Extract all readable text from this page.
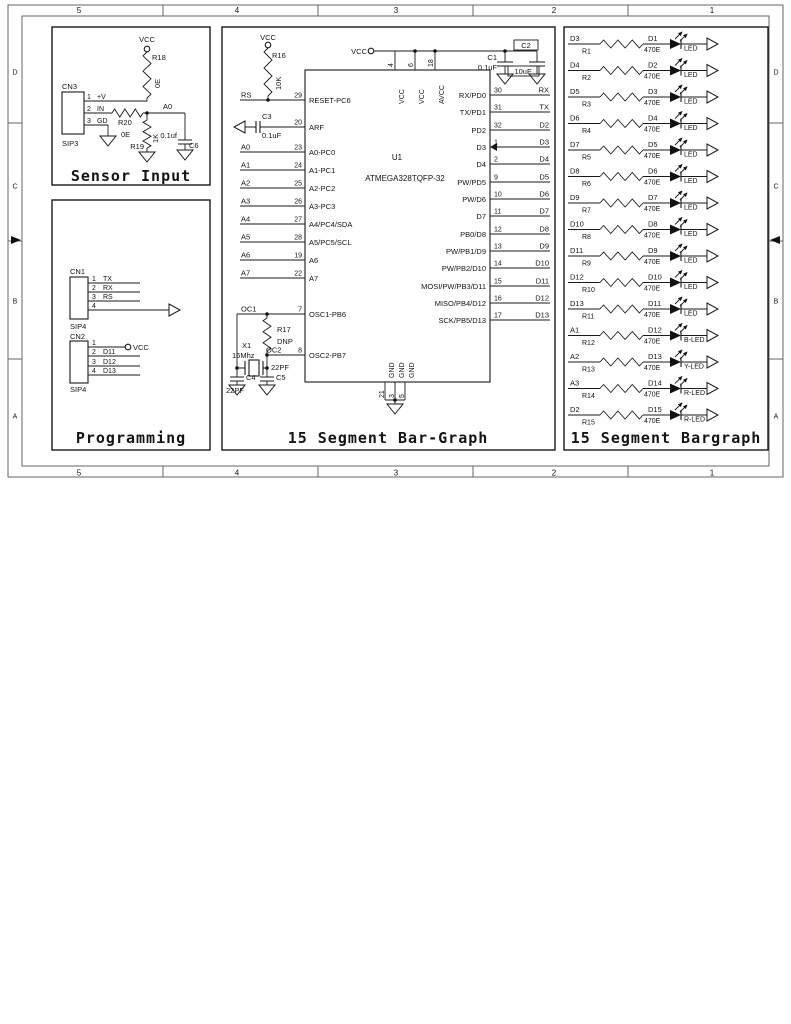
5
5
4
4
3
3
2
2
1
1
D	D
C	C
B	B
A	A
VCC
R18
0E
CN3
SIP3
R20
0E
A0
R19
1K 0.1uf
C6
1 +V
2 IN
3 GD
Sensor Input
CN1
SIP4
CN2
SIP4
VCC
1 TX
2 RX
3 RS
4
1
2 D11
3 D12
4 D13
Programming
VCC
C1
0.1uF
C2
10uF
U1
ATMEGA328TQFP-32
VCC
R16
10K
C3
0.1uF
X1
16Mhz
R17
DNP
C4
22PF
C5
22PF
RS	29 RESET-PC6
20 ARF
A0	23 A0-PC0
A1	24 A1-PC1
A2	25 A2-PC2
A3	26 A3-PC3
A4	27 A4/PC4/SDA
A5	28 A5/PC5/SCL
A6	19 A6
A7	22 A7
OC1	7 OSC1-PB6
OC2 8 OSC2-PB7
30	RX
RX/PD0
31	TX
TX/PD1
32	D2
PD2
1	D3
D3
2	D4
D4
9	D5
PW/PD5
10	D6
PW/D6
11	D7
D7
12	D8
PB0/D8
13	D9
PW/PB1/D9
14	D10
PW/PB2/D10
15	D11
MOSI/PW/PB3/D11
16	D12
MISO/PB4/D12
17	D13
SCK/PB5/D13
4
VCC
6
VCC
18
AVCC
21
GND
3
GND
5
GND
15 Segment Bar-Graph
D3
R1	470E
D1
LED
D4
R2	470E
D2
LED
D5
R3	470E
D3
LED
D6
R4	470E
D4
LED
D7
R5	470E
D5
LED
D8
R6	470E
D6
LED
D9
R7	470E
D7
LED
D10
R8	470E
D8
LED
D11
R9	470E
D9
LED
D12
R10	470E
D10
LED
D13
R11	470E
D11
LED
A1
R12	470E
D12
B-LED
A2
R13	470E
D13
Y-LED
A3
R14	470E
D14
R-LED
D2
R15	470E
D15
R-LED
15 Segment Bargraph
